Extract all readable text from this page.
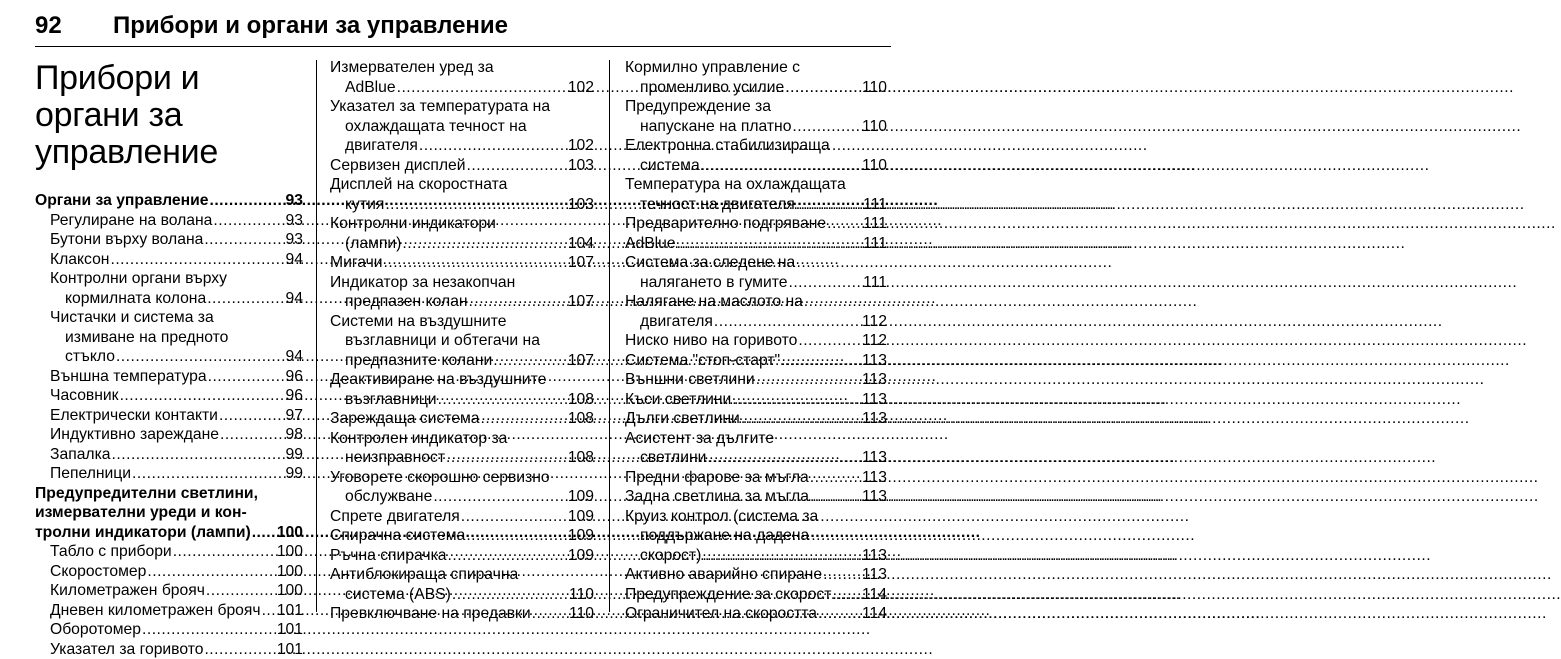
92 Прибори и органи за управление
Прибори и органи за управление
Органи за управление .....	93
Регулиране на волана .....	93
Бутони върху волана .....	93
Клаксон .....	94
Контролни органи върху
кормилната колона .....	94
Чистачки и система за
измиване на предното
стъкло .....	94
Външна температура .....	96
Часовник .....	96
Електрически контакти .....	97
Индуктивно зареждане .....	98
Запалка .....	99
Пепелници .....	99
Предупредителни светлини,
измервателни уреди и кон-
тролни индикатори (лампи) ..... 100
Табло с прибори .....	100
Скоростомер .....	100
Километражен брояч .....	100
Дневен километражен брояч ..... 101
Оборотомер .....	101
Указател за горивото .....	101
Измервателен уред за
AdBlue .....	102
Указател за температурата на
охлаждащата течност на
двигателя .....	102
Сервизен дисплей .....	103
Дисплей на скоростната
кутия .....	103
Контролни индикатори
(лампи) .....	104
Мигачи .....	107
Индикатор за незакопчан
предпазен колан .....	107
Системи на въздушните
възглавници и обтегачи на
предпазните колани .....	107
Деактивиране на въздушните
възглавници .....	108
Зареждаща система .....	108
Контролен индикатор за
неизправност .....	108
Уговорете скорошно сервизно
обслужване .....	109
Спрете двигателя .....	109
Спирачна система .....	109
Ръчна спирачка .....	109
Антиблокираща спирачна
система (ABS) .....	110
Превключване на предавки ..... 110
Кормилно управление с
променливо усилие .....	110
Предупреждение за
напускане на платно .....	110
Електронна стабилизираща
система .....	110
Температура на охлаждащата
течност на двигателя .....	111
Предварително подгряване ..... 111
AdBlue .....	111
Система за следене на
налягането в гумите .....	111
Налягане на маслото на
двигателя .....	112
Ниско ниво на горивото .....	112
Система "стоп-старт" .....	113
Външни светлини .....	113
Къси светлини .....	113
Дълги светлини .....	113
Асистент за дългите
светлини .....	113
Предни фарове за мъгла .....	113
Задна светлина за мъгла .....	113
Круиз контрол (система за
поддържане на дадена
скорост) .....	113
Активно аварийно спиране .....	113
Предупреждение за скорост ..... 114
Ограничител на скоростта .....	114
